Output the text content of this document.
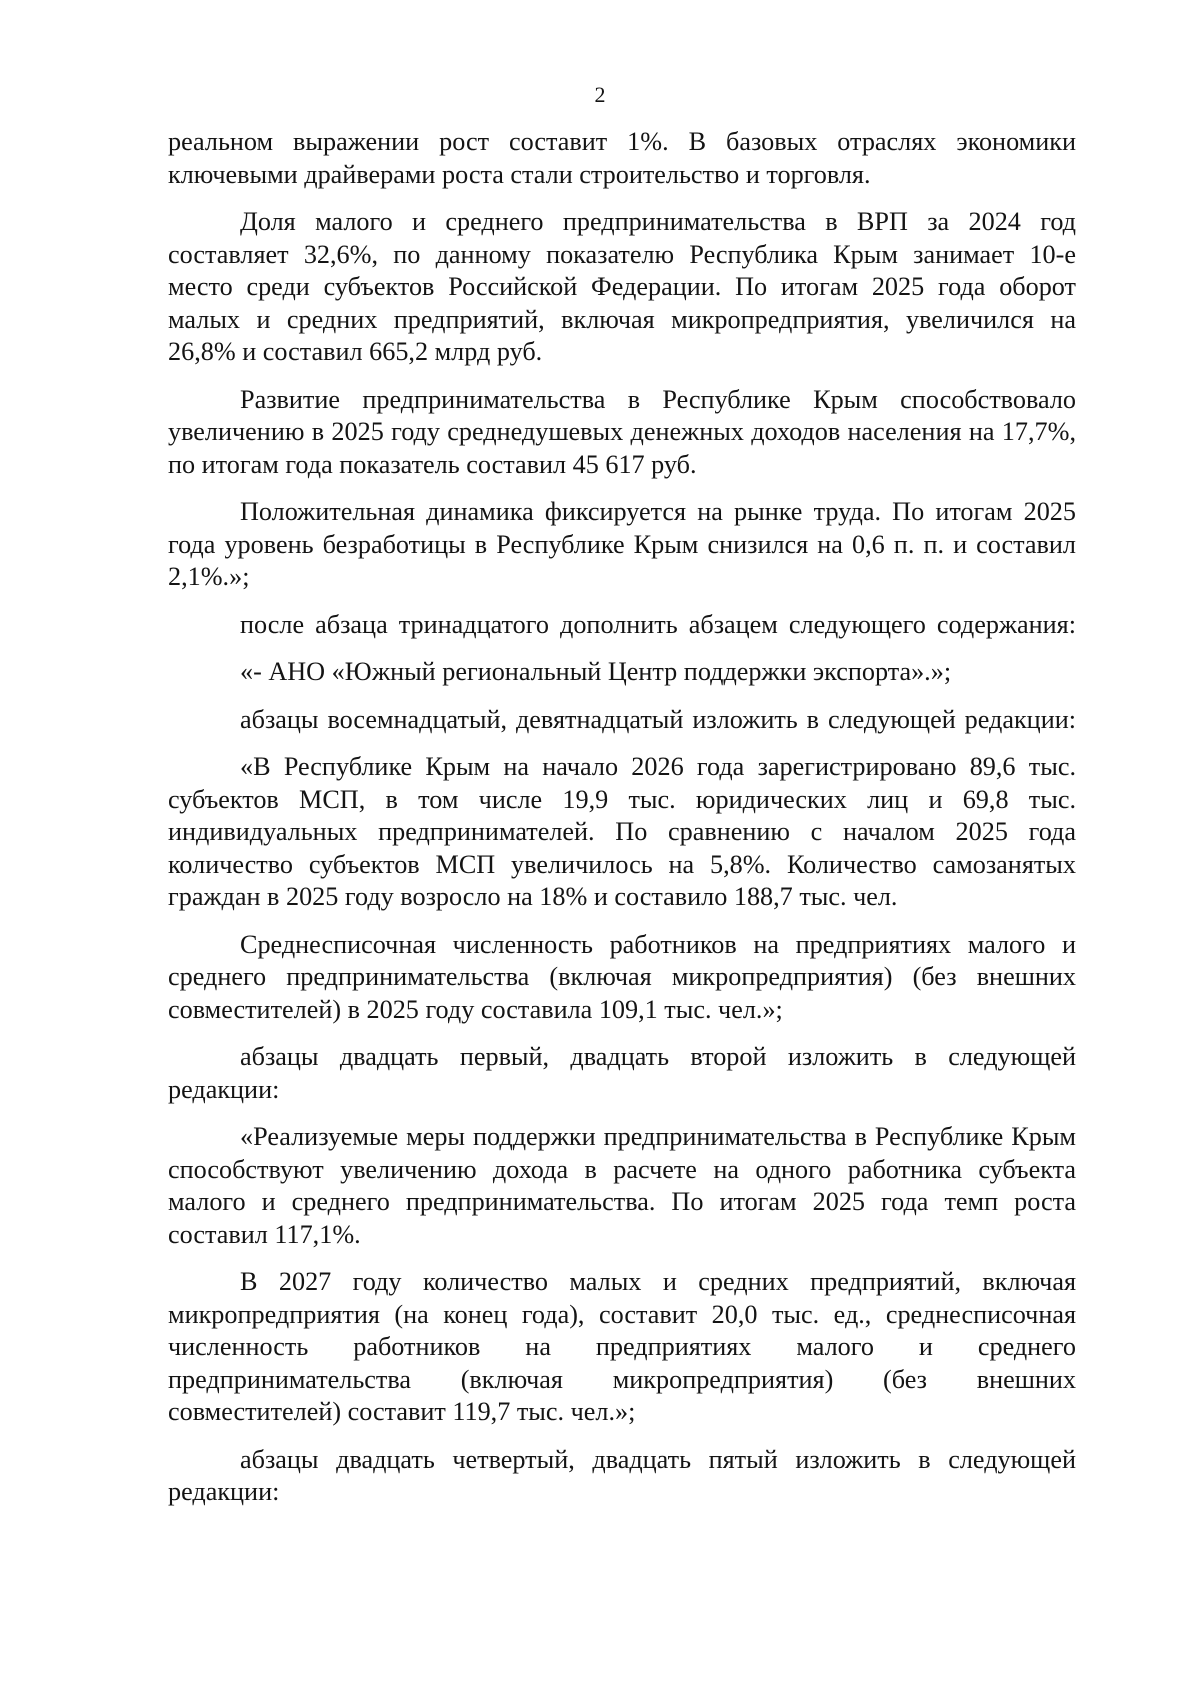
2

реальном выражении рост составит 1%. В базовых отраслях экономики ключевыми драйверами роста стали строительство и торговля.

Доля малого и среднего предпринимательства в ВРП за 2024 год составляет 32,6%, по данному показателю Республика Крым занимает 10-е место среди субъектов Российской Федерации. По итогам 2025 года оборот малых и средних предприятий, включая микропредприятия, увеличился на 26,8% и составил 665,2 млрд руб.

Развитие предпринимательства в Республике Крым способствовало увеличению в 2025 году среднедушевых денежных доходов населения на 17,7%, по итогам года показатель составил 45 617 руб.

Положительная динамика фиксируется на рынке труда. По итогам 2025 года уровень безработицы в Республике Крым снизился на 0,6 п. п. и составил 2,1%.»;

после абзаца тринадцатого дополнить абзацем следующего содержания:

«- АНО «Южный региональный Центр поддержки экспорта».»;

абзацы восемнадцатый, девятнадцатый изложить в следующей редакции:

«В Республике Крым на начало 2026 года зарегистрировано 89,6 тыс. субъектов МСП, в том числе 19,9 тыс. юридических лиц и 69,8 тыс. индивидуальных предпринимателей. По сравнению с началом 2025 года количество субъектов МСП увеличилось на 5,8%. Количество самозанятых граждан в 2025 году возросло на 18% и составило 188,7 тыс. чел.

Среднесписочная численность работников на предприятиях малого и среднего предпринимательства (включая микропредприятия) (без внешних совместителей) в 2025 году составила 109,1 тыс. чел.»;

абзацы двадцать первый, двадцать второй изложить в следующей редакции:

«Реализуемые меры поддержки предпринимательства в Республике Крым способствуют увеличению дохода в расчете на одного работника субъекта малого и среднего предпринимательства. По итогам 2025 года темп роста составил 117,1%.

В 2027 году количество малых и средних предприятий, включая микропредприятия (на конец года), составит 20,0 тыс. ед., среднесписочная численность работников на предприятиях малого и среднего предпринимательства (включая микропредприятия) (без внешних совместителей) составит 119,7 тыс. чел.»;

абзацы двадцать четвертый, двадцать пятый изложить в следующей редакции:
